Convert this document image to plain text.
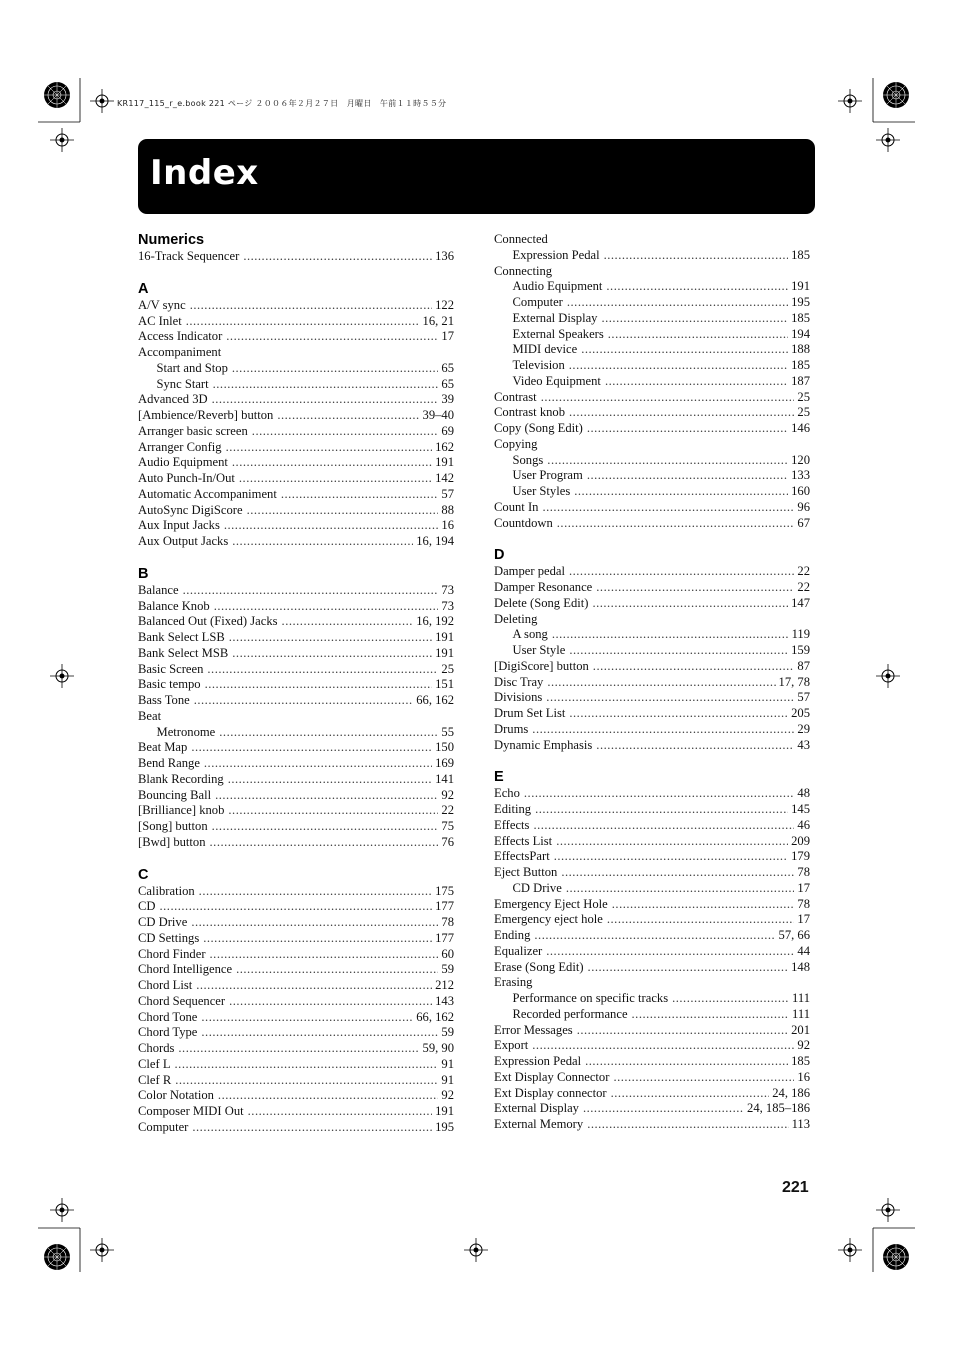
KR117_115_r_e.book 221 ページ ２００６年２月２７日　月曜日　午前１１時５５分
Index
Numerics
16-Track Sequencer .....	136
A
A/V sync .....	122
AC Inlet .....	16, 21
Access Indicator .....	17
Accompaniment
Start and Stop .....	65
Sync Start .....	65
Advanced 3D .....	39
[Ambience/Reverb] button .....	39–40
Arranger basic screen .....	69
Arranger Config .....	162
Audio Equipment .....	191
Auto Punch-In/Out .....	142
Automatic Accompaniment .....	57
AutoSync DigiScore .....	88
Aux Input Jacks .....	16
Aux Output Jacks .....	16, 194
B
Balance .....	73
Balance Knob .....	73
Balanced Out (Fixed) Jacks .....	16, 192
Bank Select LSB .....	191
Bank Select MSB .....	191
Basic Screen .....	25
Basic tempo .....	151
Bass Tone .....	66, 162
Beat
Metronome .....	55
Beat Map .....	150
Bend Range .....	169
Blank Recording .....	141
Bouncing Ball .....	92
[Brilliance] knob .....	22
[Song] button .....	75
[Bwd] button .....	76
C
Calibration .....	175
CD .....	177
CD Drive .....	78
CD Settings .....	177
Chord Finder .....	60
Chord Intelligence .....	59
Chord List .....	212
Chord Sequencer .....	143
Chord Tone .....	66, 162
Chord Type .....	59
Chords .....	59, 90
Clef L .....	91
Clef R .....	91
Color Notation .....	92
Composer MIDI Out .....	191
Computer .....	195
Connected
Expression Pedal .....	185
Connecting
Audio Equipment .....	191
Computer .....	195
External Display .....	185
External Speakers .....	194
MIDI device .....	188
Television .....	185
Video Equipment .....	187
Contrast .....	25
Contrast knob .....	25
Copy (Song Edit) .....	146
Copying
Songs .....	120
User Program .....	133
User Styles .....	160
Count In .....	96
Countdown .....	67
D
Damper pedal .....	22
Damper Resonance .....	22
Delete (Song Edit) .....	147
Deleting
A song .....	119
User Style .....	159
[DigiScore] button .....	87
Disc Tray .....	17, 78
Divisions .....	57
Drum Set List .....	205
Drums .....	29
Dynamic Emphasis .....	43
E
Echo .....	48
Editing .....	145
Effects .....	46
Effects List .....	209
EffectsPart .....	179
Eject Button .....	78
CD Drive .....	17
Emergency Eject Hole .....	78
Emergency eject hole .....	17
Ending .....	57, 66
Equalizer .....	44
Erase (Song Edit) .....	148
Erasing
Performance on specific tracks .....	111
Recorded performance .....	111
Error Messages .....	201
Export .....	92
Expression Pedal .....	185
Ext Display Connector .....	16
Ext Display connector .....	24, 186
External Display .....	24, 185–186
External Memory .....	113
221
